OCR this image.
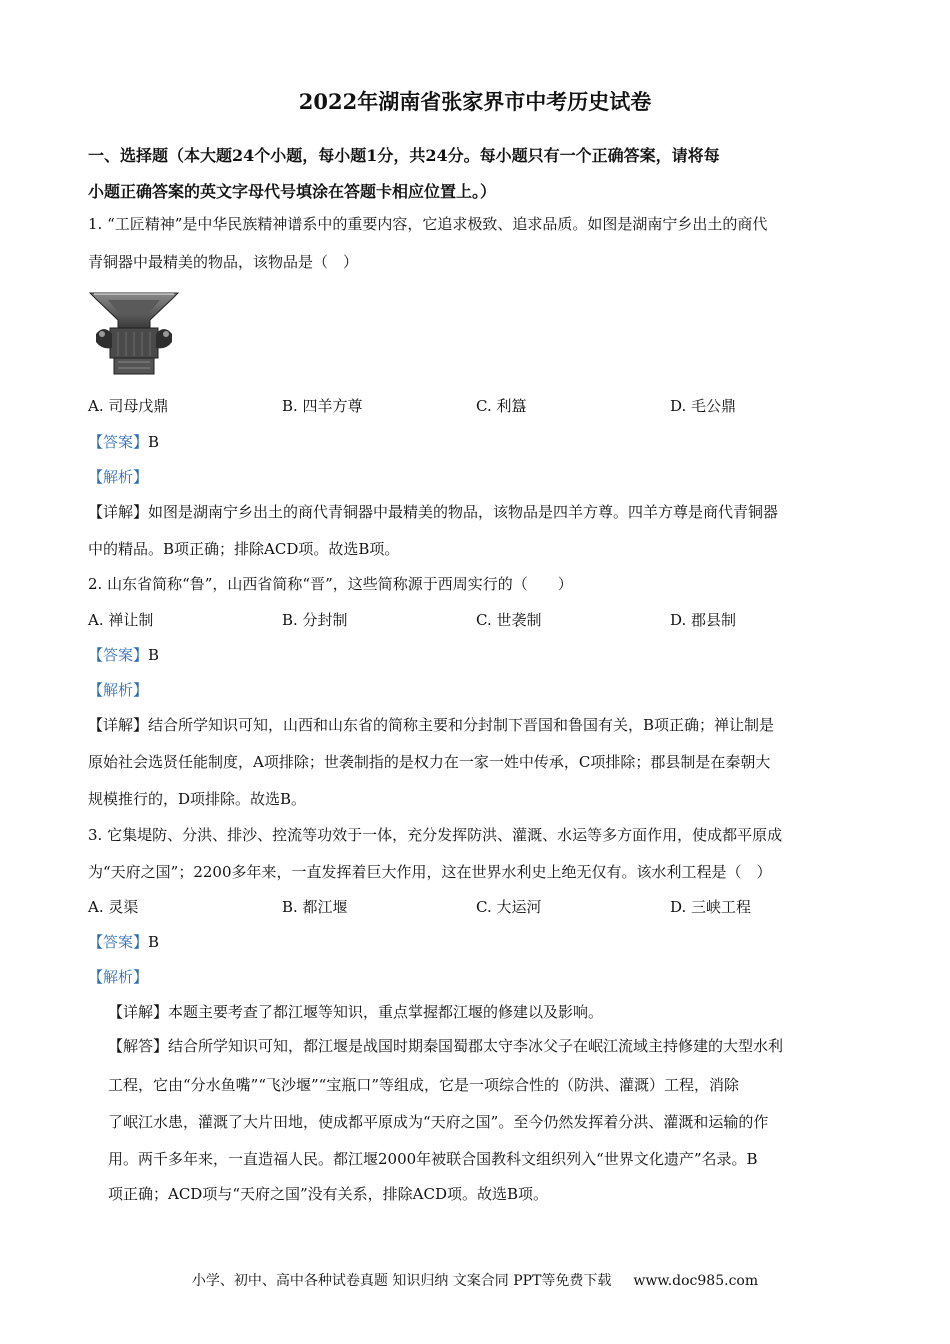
2022年湖南省张家界市中考历史试卷
一、选择题（本大题24个小题，每小题1分，共24分。每小题只有一个正确答案，请将每
小题正确答案的英文字母代号填涂在答题卡相应位置上。）
1. “工匠精神”是中华民族精神谱系中的重要内容，它追求极致、追求品质。如图是湖南宁乡出土的商代
青铜器中最精美的物品，该物品是（　）
A. 司母戊鼎	B. 四羊方尊	C. 利簋	D. 毛公鼎
【答案】B
【解析】
【详解】如图是湖南宁乡出土的商代青铜器中最精美的物品，该物品是四羊方尊。四羊方尊是商代青铜器
中的精品。B项正确；排除ACD项。故选B项。
2. 山东省简称“鲁”，山西省简称“晋”，这些简称源于西周实行的（　　）
A. 禅让制	B. 分封制	C. 世袭制	D. 郡县制
【答案】B
【解析】
【详解】结合所学知识可知，山西和山东省的简称主要和分封制下晋国和鲁国有关，B项正确；禅让制是
原始社会选贤任能制度，A项排除；世袭制指的是权力在一家一姓中传承，C项排除；郡县制是在秦朝大
规模推行的，D项排除。故选B。
3. 它集堤防、分洪、排沙、控流等功效于一体，充分发挥防洪、灌溉、水运等多方面作用，使成都平原成
为“天府之国”；2200多年来，一直发挥着巨大作用，这在世界水利史上绝无仅有。该水利工程是（　）
A. 灵渠	B. 都江堰	C. 大运河	D. 三峡工程
【答案】B
【解析】
【详解】本题主要考查了都江堰等知识，重点掌握都江堰的修建以及影响。
【解答】结合所学知识可知，都江堰是战国时期秦国蜀郡太守李冰父子在岷江流域主持修建的大型水利
工程，它由“分水鱼嘴”“飞沙堰”“宝瓶口”等组成，它是一项综合性的（防洪、灌溉）工程，消除
了岷江水患，灌溉了大片田地，使成都平原成为“天府之国”。至今仍然发挥着分洪、灌溉和运输的作
用。两千多年来，一直造福人民。都江堰2000年被联合国教科文组织列入“世界文化遗产”名录。B
项正确；ACD项与“天府之国”没有关系，排除ACD项。故选B项。
小学、初中、高中各种试卷真题 知识归纳 文案合同 PPT等免费下载 www.doc985.com
